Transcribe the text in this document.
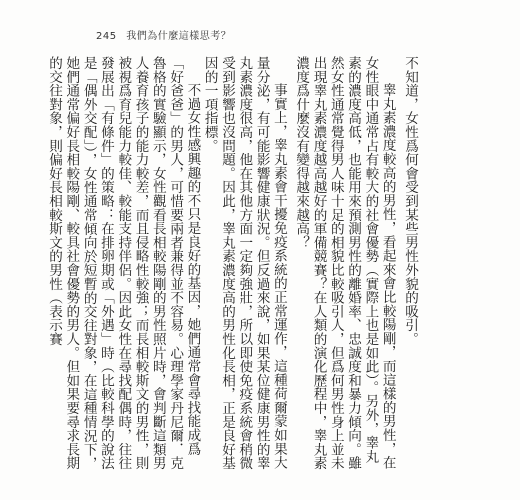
245 我們為什麼這樣思考？

不知道，女性爲何會受到某些男性外貌的吸引。

睾丸素濃度較高的男性，看起來會比較陽剛，而這樣的男性，在女性眼中通常占有較大的社會優勢（實際上也是如此）。另外，睾丸素的濃度高低，也能用來預測男性的離婚率、忠誠度和暴力傾向。雖然女性通常覺得男人味十足的相貌比較吸引人，但爲何男性身上並未出現睾丸素濃度越高越好的軍備競賽？在人類的演化歷程中，睾丸素濃度爲什麼沒有變得越來越高？

事實上，睾丸素會干擾免疫系統的正常運作，這種荷爾蒙如果大量分泌，有可能影響健康狀況。但反過來說，如果某位健康男性的睾丸素濃度很高，他在其他方面一定夠強壯，所以即使免疫系統會稍微受到影響也沒問題。因此，睾丸素濃度高的男性化長相，正是良好基因的一項指標。

不過女性感興趣的不只是良好的基因，她們通常會尋找能成爲「好爸爸」的男人，可惜要兩者兼得並不容易。心理學家丹尼爾．克魯格的實驗顯示，女性觀看長相較陽剛的男性照片時，會判斷這類男人養育孩子的能力較差，而且侵略性較強；而長相較斯文的男性，則被視爲育兒能力較佳、較能支持伴侶。因此女性在尋找配偶時，往往發展出「有條件」的策略：在排卵期或「外遇」時（比較科學的說法是「偶外交配」），女性通常傾向於短暫的交往對象，在這種情況下，她們通常偏好長相較陽剛、較具社會優勢的男人。但如果要尋求長期的交往對象，則偏好長相較斯文的男性（表示賽
